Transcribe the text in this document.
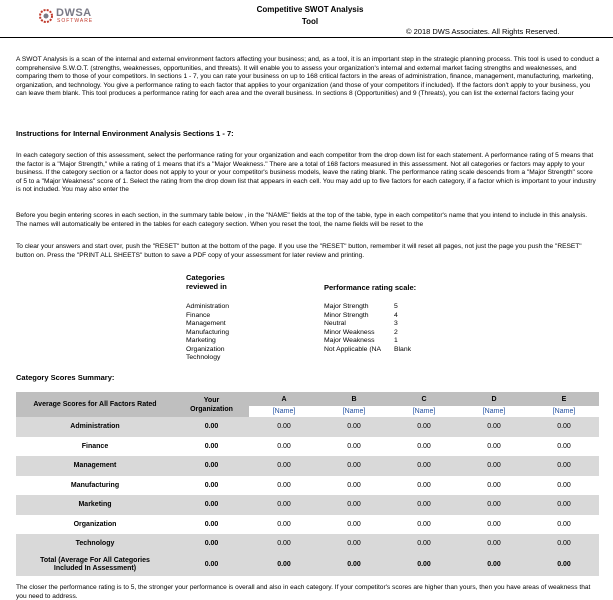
DWSA
SOFTWARE
Competitive SWOT Analysis
Tool
© 2018 DWS Associates. All Rights Reserved.
A SWOT Analysis is a scan of the internal and external environment factors affecting your business; and, as a tool, it is an important step in the strategic planning process. This tool is used to conduct a comprehensive S.W.O.T. (strengths, weaknesses, opportunities, and threats). It will enable you to assess your organization's internal and external market facing strengths and weaknesses, and comparing them to those of your competitors. In sections 1 - 7, you can rate your business on up to 168 critical factors in the areas of administration, finance, management, manufacturing, marketing, organization, and technology. You give a performance rating to each factor that applies to your organization (and those of your competitors if included). If the factors don't apply to your business, you can leave them blank. This tool produces a performance rating for each area and the overall business. In sections 8 (Opportunities) and 9 (Threats), you can list the external factors facing your
Instructions for Internal Environment Analysis Sections 1 - 7:
In each category section of this assessment, select the performance rating for your organization and each competitor from the drop down list for each statement. A performance rating of 5 means that the factor is a "Major Strength," while a rating of 1 means that it's a "Major Weakness." There are a total of 168 factors measured in this assessment. Not all categories or factors may apply to your business. If the category section or a factor does not apply to your or your competitor's business models, leave the rating blank. The performance rating scale descends from a "Major Strength" score of 5 to a "Major Weakness" score of 1. Select the rating from the drop down list that appears in each cell. You may add up to five factors for each category, if a factor which is important to your industry is not included. You may also enter the
Before you begin entering scores in each section, in the summary table below , in the "NAME" fields at the top of the table, type in each competitor's name that you intend to include in this analysis. The names will automatically be entered in the tables for each category section. When you reset the tool, the name fields will be reset to the
To clear your answers and start over, push the "RESET" button at the bottom of the page. If you use the "RESET" button, remember it will reset all pages, not just the page you push the "RESET" button on. Press the "PRINT ALL SHEETS" button to save a PDF copy of your assessment for later review and printing.
Categories
reviewed in
Administration
Finance
Management
Manufacturing
Marketing
Organization
Technology
Performance rating scale:
Major Strength	5
Minor Strength	4
Neutral	3
Minor Weakness	2
Major Weakness	1
Not Applicable (NA Blank
Category Scores Summary:
Average Scores for All Factors Rated	Your
Organization	A	B	C	D	E
		[Name]	[Name]	[Name]	[Name]	[Name]
Administration	0.00	0.00	0.00	0.00	0.00	0.00
Finance	0.00	0.00	0.00	0.00	0.00	0.00
Management	0.00	0.00	0.00	0.00	0.00	0.00
Manufacturing	0.00	0.00	0.00	0.00	0.00	0.00
Marketing	0.00	0.00	0.00	0.00	0.00	0.00
Organization	0.00	0.00	0.00	0.00	0.00	0.00
Technology	0.00	0.00	0.00	0.00	0.00	0.00

Total (Average For All Categories
Included In Assessment)	0.00	0.00	0.00	0.00	0.00	0.00
The closer the performance rating is to 5, the stronger your performance is overall and also in each category. If your competitor's scores are higher than yours, then you have areas of weakness that you need to address.
